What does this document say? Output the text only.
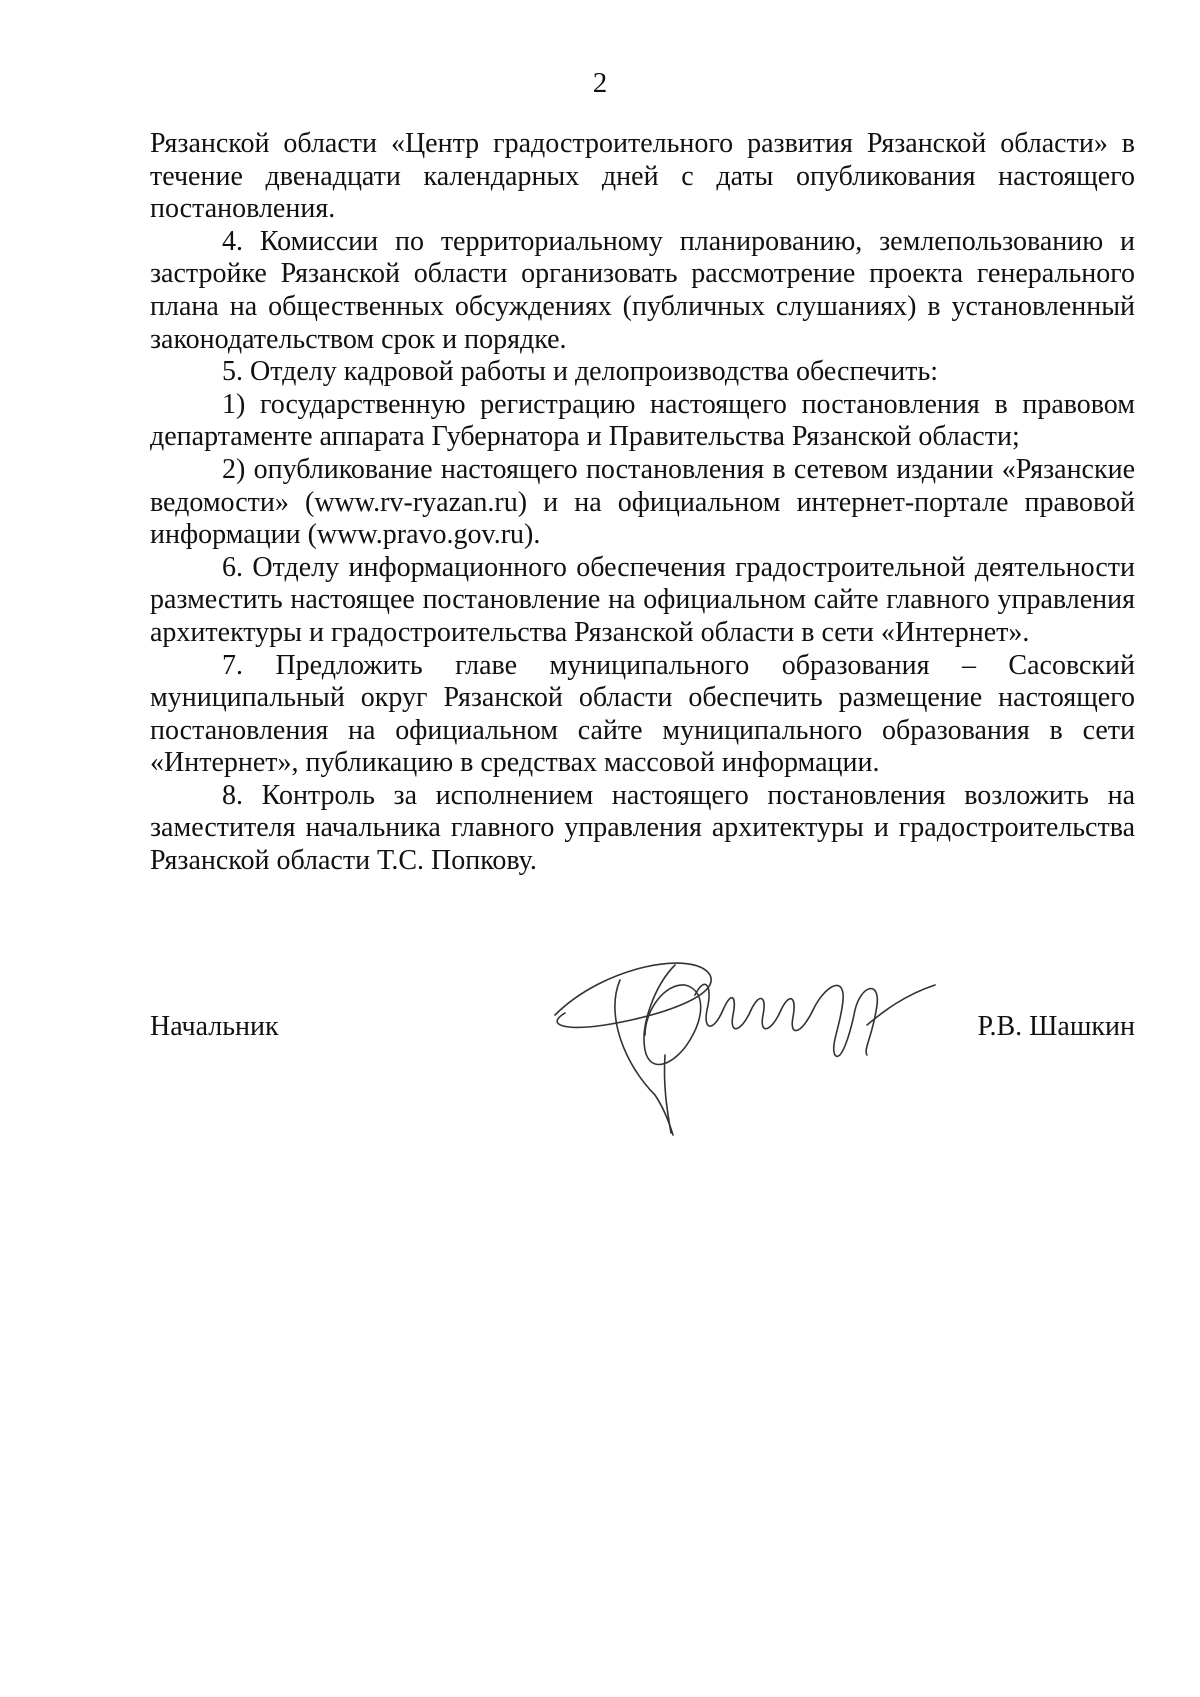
2

Рязанской области «Центр градостроительного развития Рязанской области» в течение двенадцати календарных дней с даты опубликования настоящего постановления.

4. Комиссии по территориальному планированию, землепользованию и застройке Рязанской области организовать рассмотрение проекта генерального плана на общественных обсуждениях (публичных слушаниях) в установленный законодательством срок и порядке.

5. Отделу кадровой работы и делопроизводства обеспечить:

1) государственную регистрацию настоящего постановления в правовом департаменте аппарата Губернатора и Правительства Рязанской области;

2) опубликование настоящего постановления в сетевом издании «Рязанские ведомости» (www.rv-ryazan.ru) и на официальном интернет-портале правовой информации (www.pravo.gov.ru).

6. Отделу информационного обеспечения градостроительной деятельности разместить настоящее постановление на официальном сайте главного управления архитектуры и градостроительства Рязанской области в сети «Интернет».

7. Предложить главе муниципального образования – Сасовский муниципальный округ Рязанской области обеспечить размещение настоящего постановления на официальном сайте муниципального образования в сети «Интернет», публикацию в средствах массовой информации.

8. Контроль за исполнением настоящего постановления возложить на заместителя начальника главного управления архитектуры и градостроительства Рязанской области Т.С. Попкову.

Начальник	Р.В. Шашкин
